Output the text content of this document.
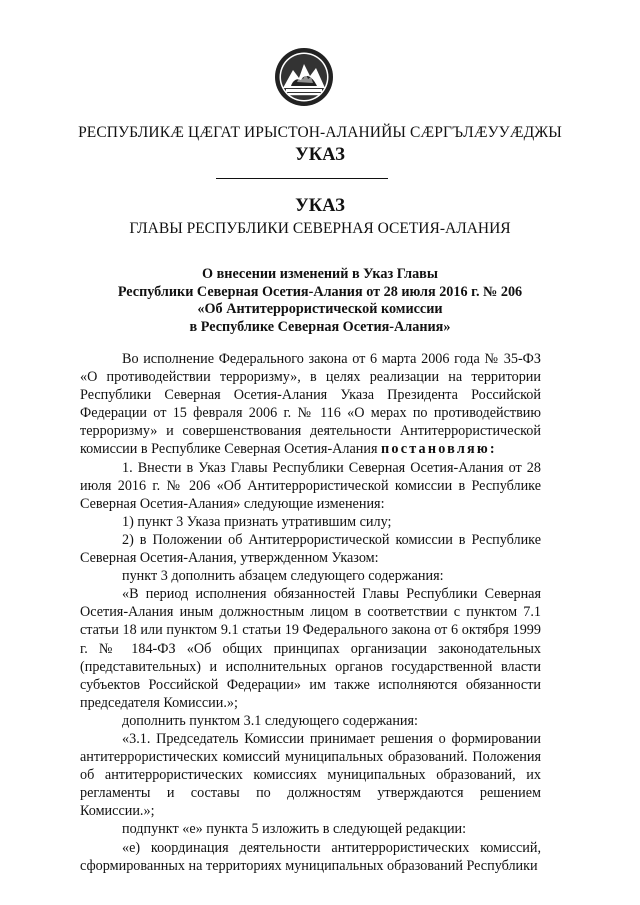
РЕСПУБЛИКӔ ЦӔГАТ ИРЫСТОН-АЛАНИЙЫ СӔРГЪЛӔУУӔДЖЫ
УКАЗ
УКАЗ
ГЛАВЫ РЕСПУБЛИКИ СЕВЕРНАЯ ОСЕТИЯ-АЛАНИЯ
О внесении изменений в Указ Главы
Республики Северная Осетия-Алания от 28 июля 2016 г. № 206
«Об Антитеррористической комиссии
в Республике Северная Осетия-Алания»

Во исполнение Федерального закона от 6 марта 2006 года № 35-ФЗ «О противодействии терроризму», в целях реализации на территории Республики Северная Осетия-Алания Указа Президента Российской Федерации от 15 февраля 2006 г. № 116 «О мерах по противодействию терроризму» и совершенствования деятельности Антитеррористической комиссии в Республике Северная Осетия-Алания постановляю:

1. Внести в Указ Главы Республики Северная Осетия-Алания от 28 июля 2016 г. № 206 «Об Антитеррористической комиссии в Республике Северная Осетия-Алания» следующие изменения:

1) пункт 3 Указа признать утратившим силу;

2) в Положении об Антитеррористической комиссии в Республике Северная Осетия-Алания, утвержденном Указом:

пункт 3 дополнить абзацем следующего содержания:

«В период исполнения обязанностей Главы Республики Северная Осетия-Алания иным должностным лицом в соответствии с пунктом 7.1 статьи 18 или пунктом 9.1 статьи 19 Федерального закона от 6 октября 1999 г. № 184-ФЗ «Об общих принципах организации законодательных (представительных) и исполнительных органов государственной власти субъектов Российской Федерации» им также исполняются обязанности председателя Комиссии.»;

дополнить пунктом 3.1 следующего содержания:

«3.1. Председатель Комиссии принимает решения о формировании антитеррористических комиссий муниципальных образований. Положения об антитеррористических комиссиях муниципальных образований, их регламенты и составы по должностям утверждаются решением Комиссии.»;

подпункт «е» пункта 5 изложить в следующей редакции:

«е) координация деятельности антитеррористических комиссий, сформированных на территориях муниципальных образований Республики
